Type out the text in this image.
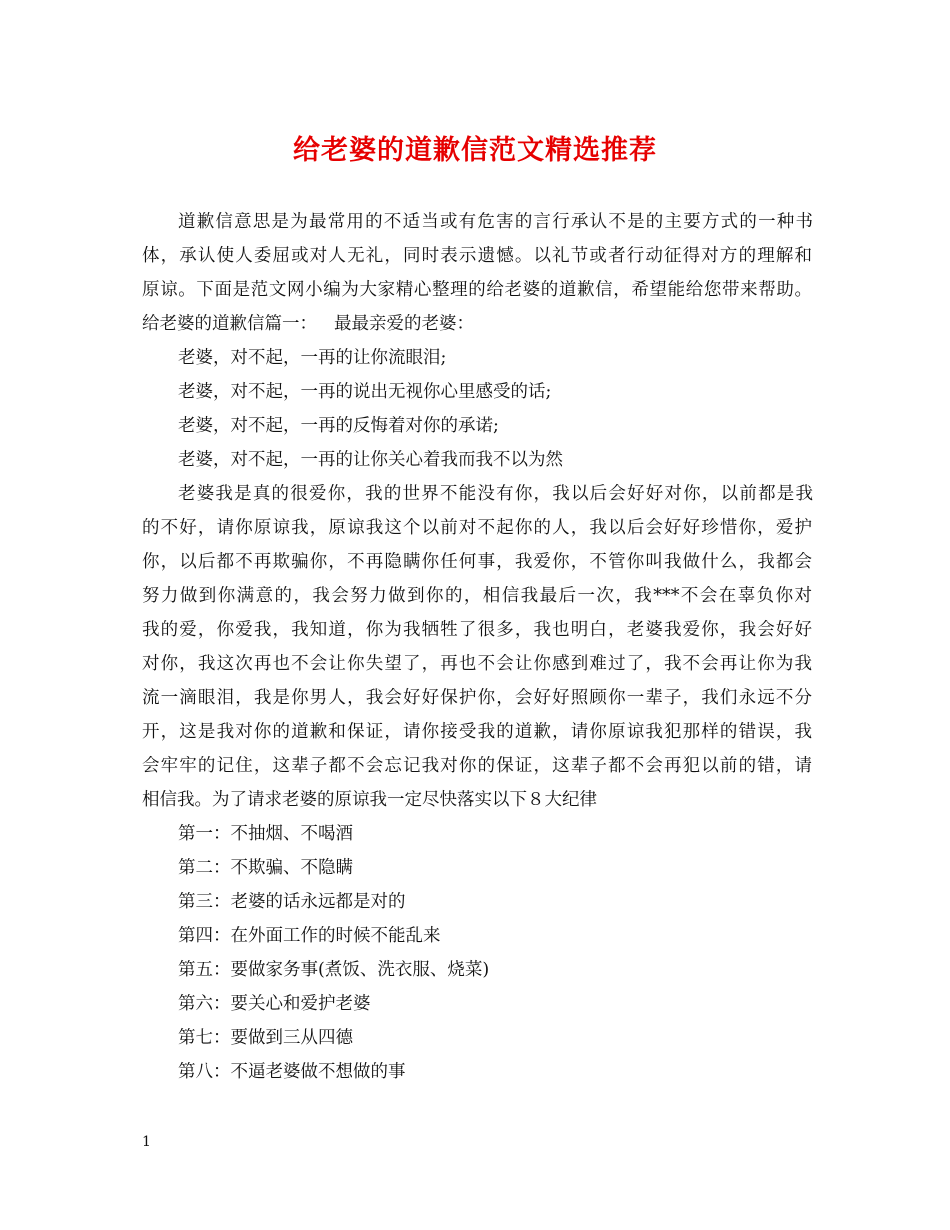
给老婆的道歉信范文精选推荐
道歉信意思是为最常用的不适当或有危害的言行承认不是的主要方式的一种书
体，承认使人委屈或对人无礼，同时表示遗憾。以礼节或者行动征得对方的理解和
原谅。下面是范文网小编为大家精心整理的给老婆的道歉信，希望能给您带来帮助。
给老婆的道歉信篇一： 最最亲爱的老婆：
老婆，对不起，一再的让你流眼泪;
老婆，对不起，一再的说出无视你心里感受的话;
老婆，对不起，一再的反悔着对你的承诺;
老婆，对不起，一再的让你关心着我而我不以为然
老婆我是真的很爱你，我的世界不能没有你，我以后会好好对你，以前都是我
的不好，请你原谅我，原谅我这个以前对不起你的人，我以后会好好珍惜你，爱护
你，以后都不再欺骗你，不再隐瞒你任何事，我爱你，不管你叫我做什么，我都会
努力做到你满意的，我会努力做到你的，相信我最后一次，我***不会在辜负你对
我的爱，你爱我，我知道，你为我牺牲了很多，我也明白，老婆我爱你，我会好好
对你，我这次再也不会让你失望了，再也不会让你感到难过了，我不会再让你为我
流一滴眼泪，我是你男人，我会好好保护你，会好好照顾你一辈子，我们永远不分
开，这是我对你的道歉和保证，请你接受我的道歉，请你原谅我犯那样的错误，我
会牢牢的记住，这辈子都不会忘记我对你的保证，这辈子都不会再犯以前的错，请
相信我。为了请求老婆的原谅我一定尽快落实以下８大纪律
第一：不抽烟、不喝酒
第二：不欺骗、不隐瞒
第三：老婆的话永远都是对的
第四：在外面工作的时候不能乱来
第五：要做家务事(煮饭、洗衣服、烧菜)
第六：要关心和爱护老婆
第七：要做到三从四德
第八：不逼老婆做不想做的事
1
